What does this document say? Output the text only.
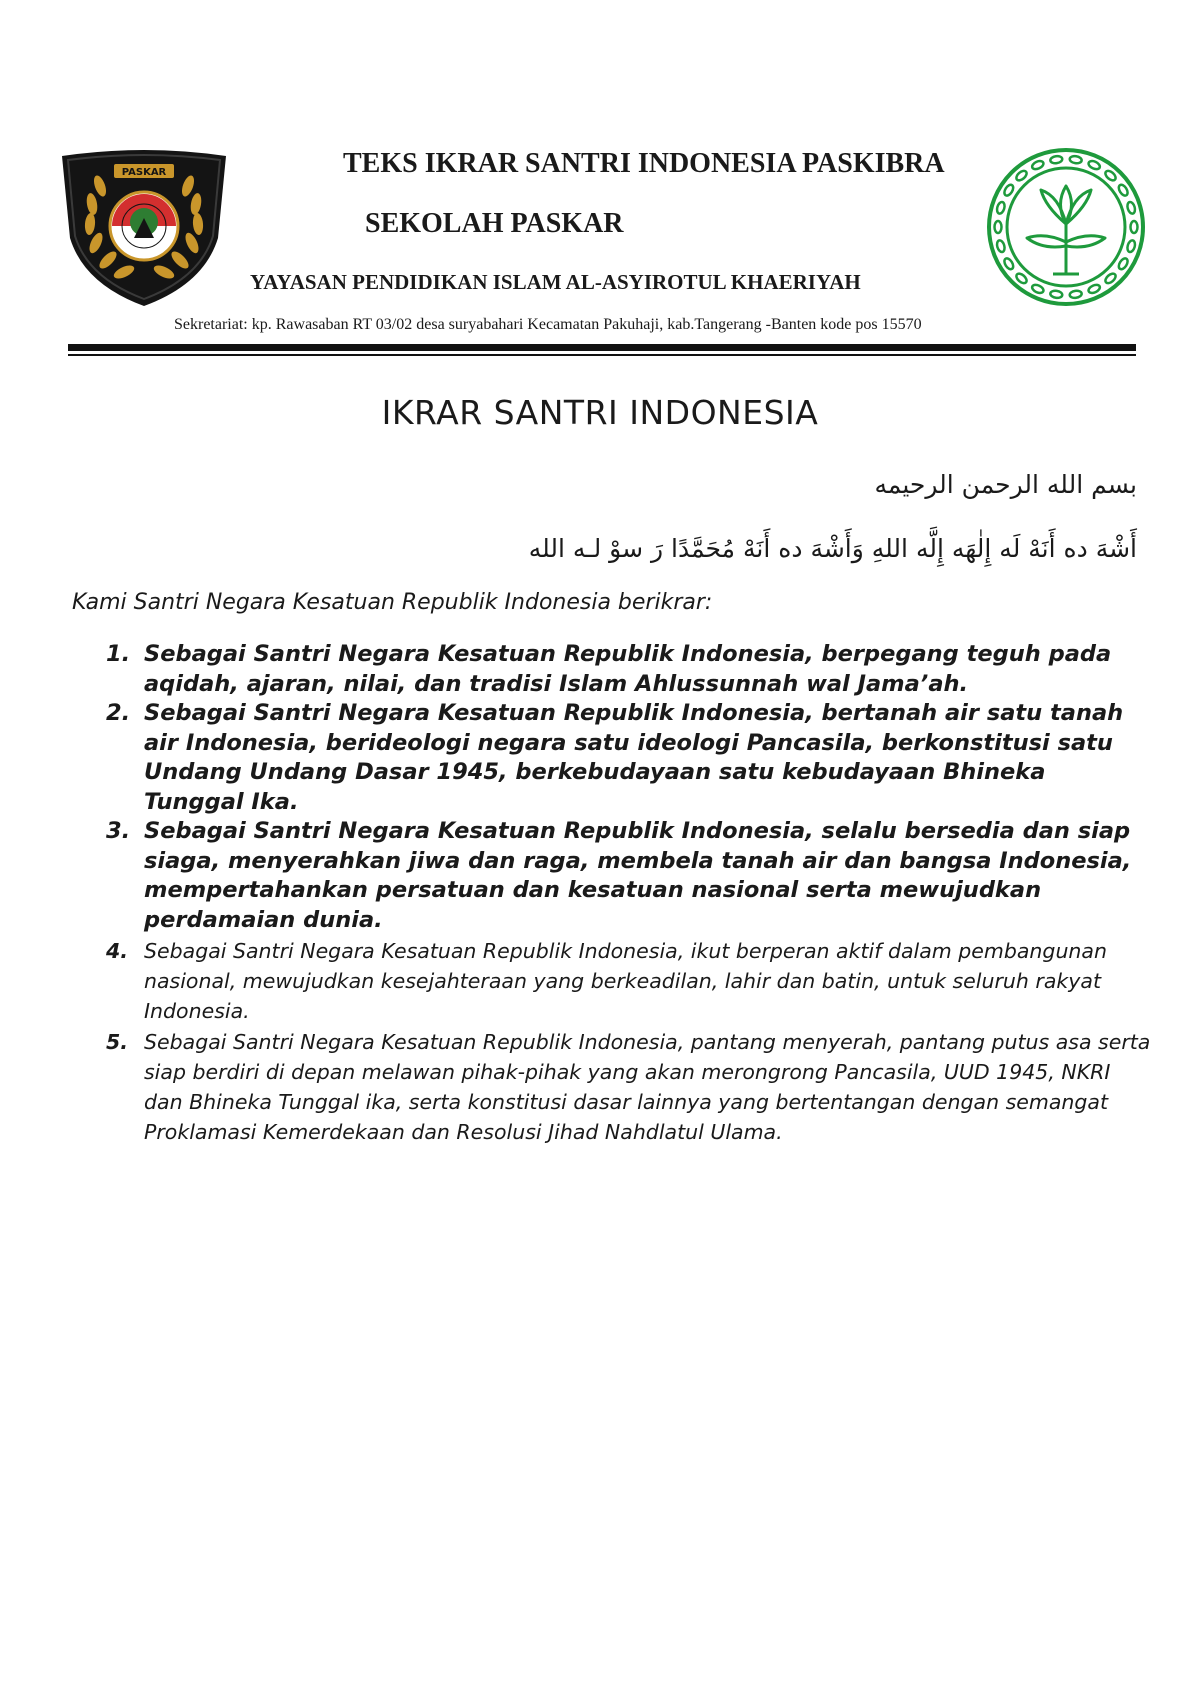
PASKAR	TEKS IKRAR SANTRI INDONESIA PASKIBRA
SEKOLAH PASKAR
YAYASAN PENDIDIKAN ISLAM AL-ASYIROTUL KHAERIYAH
Sekretariat: kp. Rawasaban RT 03/02 desa suryabahari Kecamatan Pakuhaji, kab.Tangerang -Banten kode pos 15570
IKRAR SANTRI INDONESIA
بسم الله الرحمن الرحيمه
أَشْهَ ده أَنَهْ لَه إِلٰهَه إِلَّه اللهِ وَأَشْهَ ده أَنَهْ مُحَمَّدًا رَ سوْ لـه الله
Kami Santri Negara Kesatuan Republik Indonesia berikrar:
1. Sebagai Santri Negara Kesatuan Republik Indonesia, berpegang teguh pada aqidah, ajaran, nilai, dan tradisi Islam Ahlussunnah wal Jama’ah.
2. Sebagai Santri Negara Kesatuan Republik Indonesia, bertanah air satu tanah air Indonesia, berideologi negara satu ideologi Pancasila, berkonstitusi satu Undang Undang Dasar 1945, berkebudayaan satu kebudayaan Bhineka Tunggal Ika.
3. Sebagai Santri Negara Kesatuan Republik Indonesia, selalu bersedia dan siap siaga, menyerahkan jiwa dan raga, membela tanah air dan bangsa Indonesia, mempertahankan persatuan dan kesatuan nasional serta mewujudkan perdamaian dunia.
4. Sebagai Santri Negara Kesatuan Republik Indonesia, ikut berperan aktif dalam pembangunan nasional, mewujudkan kesejahteraan yang berkeadilan, lahir dan batin, untuk seluruh rakyat Indonesia.
5. Sebagai Santri Negara Kesatuan Republik Indonesia, pantang menyerah, pantang putus asa serta siap berdiri di depan melawan pihak-pihak yang akan merongrong Pancasila, UUD 1945, NKRI dan Bhineka Tunggal ika, serta konstitusi dasar lainnya yang bertentangan dengan semangat Proklamasi Kemerdekaan dan Resolusi Jihad Nahdlatul Ulama.
